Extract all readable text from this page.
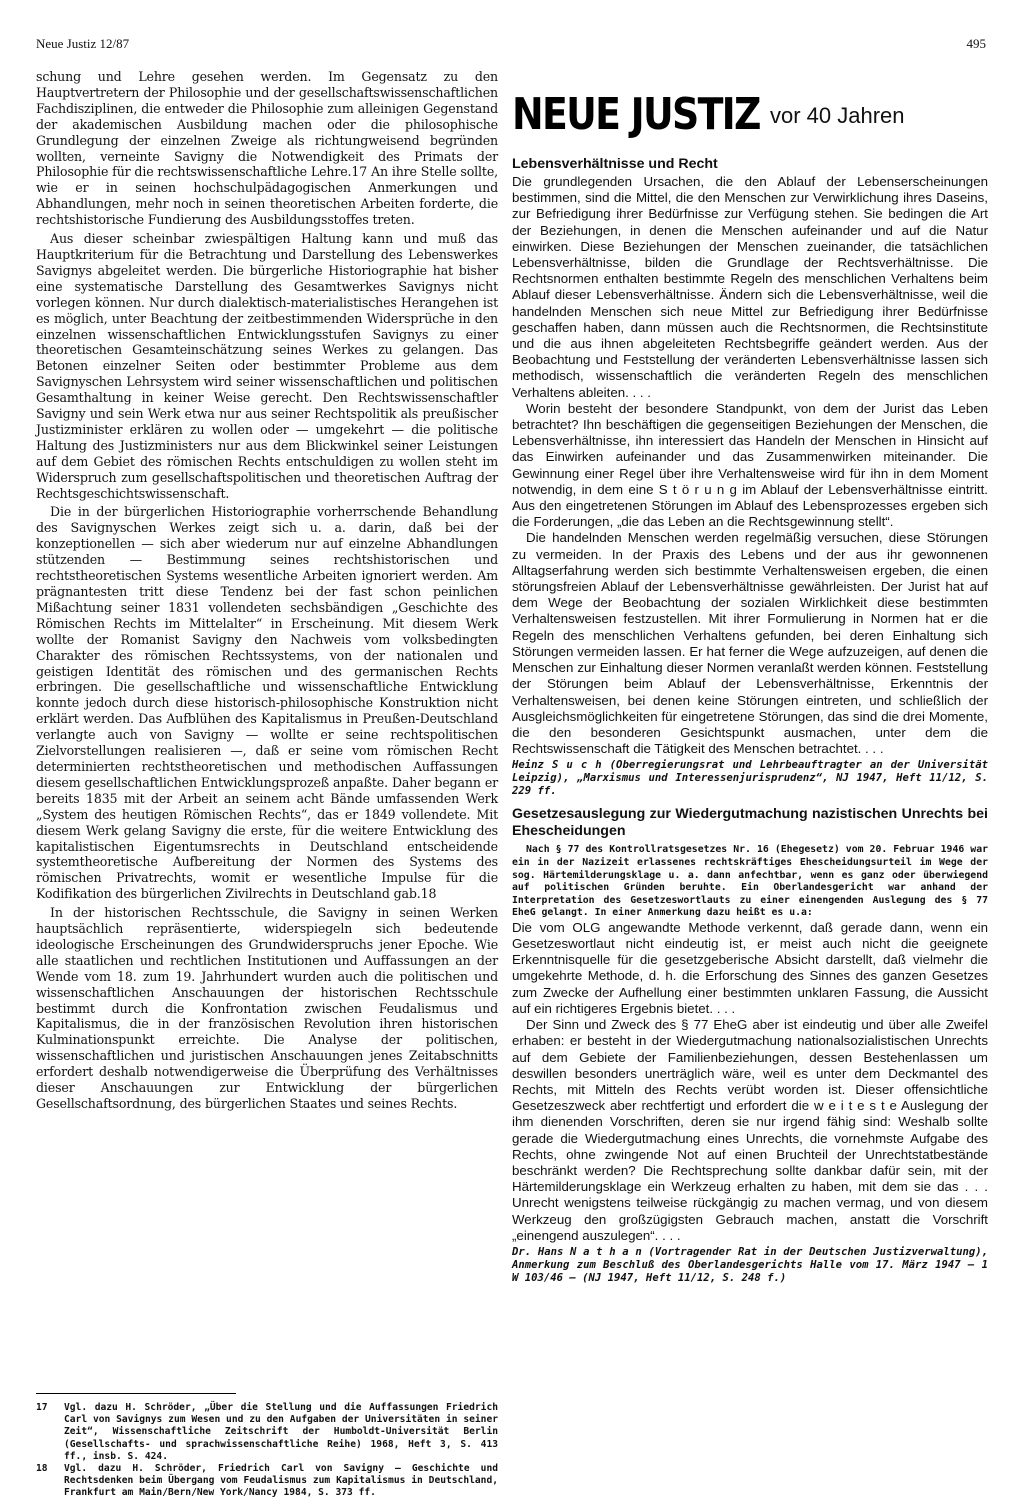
Neue Justiz 12/87	495

schung und Lehre gesehen werden. Im Gegensatz zu den Hauptvertretern der Philosophie und der gesellschaftswissenschaftlichen Fachdisziplinen, die entweder die Philosophie zum alleinigen Gegenstand der akademischen Ausbildung machen oder die philosophische Grundlegung der einzelnen Zweige als richtungweisend begründen wollten, verneinte Savigny die Notwendigkeit des Primats der Philosophie für die rechtswissenschaftliche Lehre.17 An ihre Stelle sollte, wie er in seinen hochschulpädagogischen Anmerkungen und Abhandlungen, mehr noch in seinen theoretischen Arbeiten forderte, die rechtshistorische Fundierung des Ausbildungsstoffes treten.

Aus dieser scheinbar zwiespältigen Haltung kann und muß das Hauptkriterium für die Betrachtung und Darstellung des Lebenswerkes Savignys abgeleitet werden. Die bürgerliche Historiographie hat bisher eine systematische Darstellung des Gesamtwerkes Savignys nicht vorlegen können. Nur durch dialektisch-materialistisches Herangehen ist es möglich, unter Beachtung der zeitbestimmenden Widersprüche in den einzelnen wissenschaftlichen Entwicklungsstufen Savignys zu einer theoretischen Gesamteinschätzung seines Werkes zu gelangen. Das Betonen einzelner Seiten oder bestimmter Probleme aus dem Savignyschen Lehrsystem wird seiner wissenschaftlichen und politischen Gesamthaltung in keiner Weise gerecht. Den Rechtswissenschaftler Savigny und sein Werk etwa nur aus seiner Rechtspolitik als preußischer Justizminister erklären zu wollen oder — umgekehrt — die politische Haltung des Justizministers nur aus dem Blickwinkel seiner Leistungen auf dem Gebiet des römischen Rechts entschuldigen zu wollen steht im Widerspruch zum gesellschaftspolitischen und theoretischen Auftrag der Rechtsgeschichtswissenschaft.

Die in der bürgerlichen Historiographie vorherrschende Behandlung des Savignyschen Werkes zeigt sich u. a. darin, daß bei der konzeptionellen — sich aber wiederum nur auf einzelne Abhandlungen stützenden — Bestimmung seines rechtshistorischen und rechtstheoretischen Systems wesentliche Arbeiten ignoriert werden. Am prägnantesten tritt diese Tendenz bei der fast schon peinlichen Mißachtung seiner 1831 vollendeten sechsbändigen „Geschichte des Römischen Rechts im Mittelalter“ in Erscheinung. Mit diesem Werk wollte der Romanist Savigny den Nachweis vom volksbedingten Charakter des römischen Rechtssystems, von der nationalen und geistigen Identität des römischen und des germanischen Rechts erbringen. Die gesellschaftliche und wissenschaftliche Entwicklung konnte jedoch durch diese historisch-philosophische Konstruktion nicht erklärt werden. Das Aufblühen des Kapitalismus in Preußen-Deutschland verlangte auch von Savigny — wollte er seine rechtspolitischen Zielvorstellungen realisieren —, daß er seine vom römischen Recht determinierten rechtstheoretischen und methodischen Auffassungen diesem gesellschaftlichen Entwicklungsprozeß anpaßte. Daher begann er bereits 1835 mit der Arbeit an seinem acht Bände umfassenden Werk „System des heutigen Römischen Rechts“, das er 1849 vollendete. Mit diesem Werk gelang Savigny die erste, für die weitere Entwicklung des kapitalistischen Eigentumsrechts in Deutschland entscheidende systemtheoretische Aufbereitung der Normen des Systems des römischen Privatrechts, womit er wesentliche Impulse für die Kodifikation des bürgerlichen Zivilrechts in Deutschland gab.18

In der historischen Rechtsschule, die Savigny in seinen Werken hauptsächlich repräsentierte, widerspiegeln sich bedeutende ideologische Erscheinungen des Grundwiderspruchs jener Epoche. Wie alle staatlichen und rechtlichen Institutionen und Auffassungen an der Wende vom 18. zum 19. Jahrhundert wurden auch die politischen und wissenschaftlichen Anschauungen der historischen Rechtsschule bestimmt durch die Konfrontation zwischen Feudalismus und Kapitalismus, die in der französischen Revolution ihren historischen Kulminationspunkt erreichte. Die Analyse der politischen, wissenschaftlichen und juristischen Anschauungen jenes Zeitabschnitts erfordert deshalb notwendigerweise die Überprüfung des Verhältnisses dieser Anschauungen zur Entwicklung der bürgerlichen Gesellschaftsordnung, des bürgerlichen Staates und seines Rechts.

17	Vgl. dazu H. Schröder, „Über die Stellung und die Auffassungen Friedrich Carl von Savignys zum Wesen und zu den Aufgaben der Universitäten in seiner Zeit“, Wissenschaftliche Zeitschrift der Humboldt-Universität Berlin (Gesellschafts- und sprachwissenschaftliche Reihe) 1968, Heft 3, S. 413 ff., insb. S. 424.
18	Vgl. dazu H. Schröder, Friedrich Carl von Savigny – Geschichte und Rechtsdenken beim Übergang vom Feudalismus zum Kapitalismus in Deutschland, Frankfurt am Main/Bern/New York/Nancy 1984, S. 373 ff.
NEUE JUSTIZ vor 40 Jahren
Lebensverhältnisse und Recht

Die grundlegenden Ursachen, die den Ablauf der Lebenserscheinungen bestimmen, sind die Mittel, die den Menschen zur Verwirklichung ihres Daseins, zur Befriedigung ihrer Bedürfnisse zur Verfügung stehen. Sie bedingen die Art der Beziehungen, in denen die Menschen aufeinander und auf die Natur einwirken. Diese Beziehungen der Menschen zueinander, die tatsächlichen Lebensverhältnisse, bilden die Grundlage der Rechtsverhältnisse. Die Rechtsnormen enthalten bestimmte Regeln des menschlichen Verhaltens beim Ablauf dieser Lebensverhältnisse. Ändern sich die Lebensverhältnisse, weil die handelnden Menschen sich neue Mittel zur Befriedigung ihrer Bedürfnisse geschaffen haben, dann müssen auch die Rechtsnormen, die Rechtsinstitute und die aus ihnen abgeleiteten Rechtsbegriffe geändert werden. Aus der Beobachtung und Feststellung der veränderten Lebensverhältnisse lassen sich methodisch, wissenschaftlich die veränderten Regeln des menschlichen Verhaltens ableiten. . . .

Worin besteht der besondere Standpunkt, von dem der Jurist das Leben betrachtet? Ihn beschäftigen die gegenseitigen Beziehungen der Menschen, die Lebensverhältnisse, ihn interessiert das Handeln der Menschen in Hinsicht auf das Einwirken aufeinander und das Zusammenwirken miteinander. Die Gewinnung einer Regel über ihre Verhaltensweise wird für ihn in dem Moment notwendig, in dem eine S t ö r u n g im Ablauf der Lebensverhältnisse eintritt. Aus den eingetretenen Störungen im Ablauf des Lebensprozesses ergeben sich die Forderungen, „die das Leben an die Rechtsgewinnung stellt“.

Die handelnden Menschen werden regelmäßig versuchen, diese Störungen zu vermeiden. In der Praxis des Lebens und der aus ihr gewonnenen Alltagserfahrung werden sich bestimmte Verhaltensweisen ergeben, die einen störungsfreien Ablauf der Lebensverhältnisse gewährleisten. Der Jurist hat auf dem Wege der Beobachtung der sozialen Wirklichkeit diese bestimmten Verhaltensweisen festzustellen. Mit ihrer Formulierung in Normen hat er die Regeln des menschlichen Verhaltens gefunden, bei deren Einhaltung sich Störungen vermeiden lassen. Er hat ferner die Wege aufzuzeigen, auf denen die Menschen zur Einhaltung dieser Normen veranlaßt werden können. Feststellung der Störungen beim Ablauf der Lebensverhältnisse, Erkenntnis der Verhaltensweisen, bei denen keine Störungen eintreten, und schließlich der Ausgleichsmöglichkeiten für eingetretene Störungen, das sind die drei Momente, die den besonderen Gesichtspunkt ausmachen, unter dem die Rechtswissenschaft die Tätigkeit des Menschen betrachtet. . . .

Heinz S u c h (Oberregierungsrat und Lehrbeauftragter an der Universität Leipzig), „Marxismus und Interessenjurisprudenz“, NJ 1947, Heft 11/12, S. 229 ff.

Gesetzesauslegung zur Wiedergutmachung nazistischen Unrechts bei Ehescheidungen

Nach § 77 des Kontrollratsgesetzes Nr. 16 (Ehegesetz) vom 20. Februar 1946 war ein in der Nazizeit erlassenes rechtskräftiges Ehescheidungsurteil im Wege der sog. Härtemilderungsklage u. a. dann anfechtbar, wenn es ganz oder überwiegend auf politischen Gründen beruhte. Ein Oberlandesgericht war anhand der Interpretation des Gesetzeswortlauts zu einer einengenden Auslegung des § 77 EheG gelangt. In einer Anmerkung dazu heißt es u.a:

Die vom OLG angewandte Methode verkennt, daß gerade dann, wenn ein Gesetzeswortlaut nicht eindeutig ist, er meist auch nicht die geeignete Erkenntnisquelle für die gesetzgeberische Absicht darstellt, daß vielmehr die umgekehrte Methode, d. h. die Erforschung des Sinnes des ganzen Gesetzes zum Zwecke der Aufhellung einer bestimmten unklaren Fassung, die Aussicht auf ein richtigeres Ergebnis bietet. . . .

Der Sinn und Zweck des § 77 EheG aber ist eindeutig und über alle Zweifel erhaben: er besteht in der Wiedergutmachung nationalsozialistischen Unrechts auf dem Gebiete der Familienbeziehungen, dessen Bestehenlassen um deswillen besonders unerträglich wäre, weil es unter dem Deckmantel des Rechts, mit Mitteln des Rechts verübt worden ist. Dieser offensichtliche Gesetzeszweck aber rechtfertigt und erfordert die w e i t e s t e Auslegung der ihm dienenden Vorschriften, deren sie nur irgend fähig sind: Weshalb sollte gerade die Wiedergutmachung eines Unrechts, die vornehmste Aufgabe des Rechts, ohne zwingende Not auf einen Bruchteil der Unrechtstatbestände beschränkt werden? Die Rechtsprechung sollte dankbar dafür sein, mit der Härtemilderungsklage ein Werkzeug erhalten zu haben, mit dem sie das . . . Unrecht wenigstens teilweise rückgängig zu machen vermag, und von diesem Werkzeug den großzügigsten Gebrauch machen, anstatt die Vorschrift „einengend auszulegen“. . . .

Dr. Hans N a t h a n (Vortragender Rat in der Deutschen Justizverwaltung), Anmerkung zum Beschluß des Oberlandesgerichts Halle vom 17. März 1947 – 1 W 103/46 – (NJ 1947, Heft 11/12, S. 248 f.)
